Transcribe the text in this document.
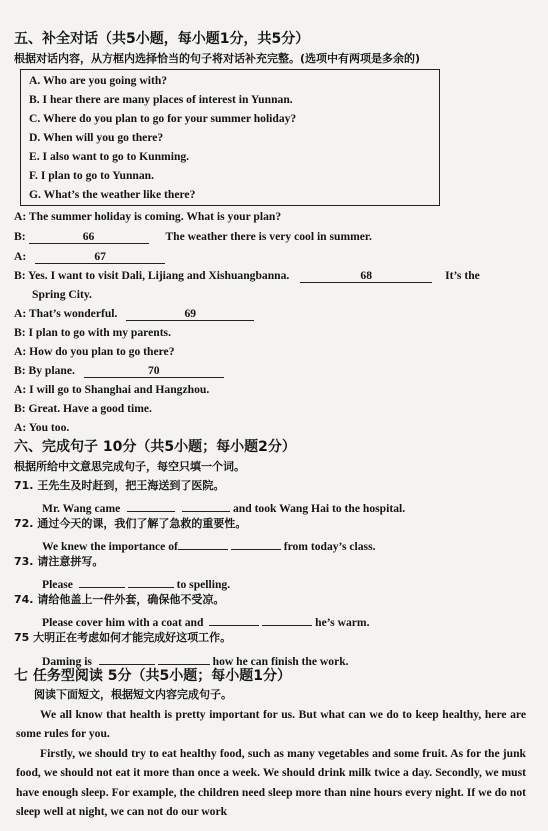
五、补全对话（共5小题，每小题1分，共5分）
根据对话内容，从方框内选择恰当的句子将对话补充完整。(选项中有两项是多余的)
A. Who are you going with?
B. I hear there are many places of interest in Yunnan.
C. Where do you plan to go for your summer holiday?
D. When will you go there?
E. I also want to go to Kunming.
F. I plan to go to Yunnan.
G. What’s the weather like there?
A: The summer holiday is coming. What is your plan?
B:	66	The weather there is very cool in summer.
A:	67
B: Yes. I want to visit Dali, Lijiang and Xishuangbanna.	68	It’s the
Spring City.
A: That’s wonderful.	69
B: I plan to go with my parents.
A: How do you plan to go there?
B: By plane.	70
A: I will go to Shanghai and Hangzhou.
B: Great. Have a good time.
A: You too.
六、完成句子 10分（共5小题；每小题2分）
根据所给中文意思完成句子，每空只填一个词。
71. 王先生及时赶到，把王海送到了医院。
Mr. Wang came	and took Wang Hai to the hospital.
72. 通过今天的课，我们了解了急救的重要性。
We knew the importance of	from today’s class.
73. 请注意拼写。
Please	to spelling.
74. 请给他盖上一件外套，确保他不受凉。
Please cover him with a coat and	he’s warm.
75 大明正在考虑如何才能完成好这项工作。
Daming is	how he can finish the work.
七 任务型阅读 5分（共5小题；每小题1分）
阅读下面短文，根据短文内容完成句子。
We all know that health is pretty important for us. But what can we do to keep healthy, here are some rules for you.
Firstly, we should try to eat healthy food, such as many vegetables and some fruit. As for the junk food, we should not eat it more than once a week. We should drink milk twice a day. Secondly, we must have enough sleep. For example, the children need sleep more than nine hours every night. If we do not sleep well at night, we can not do our work
